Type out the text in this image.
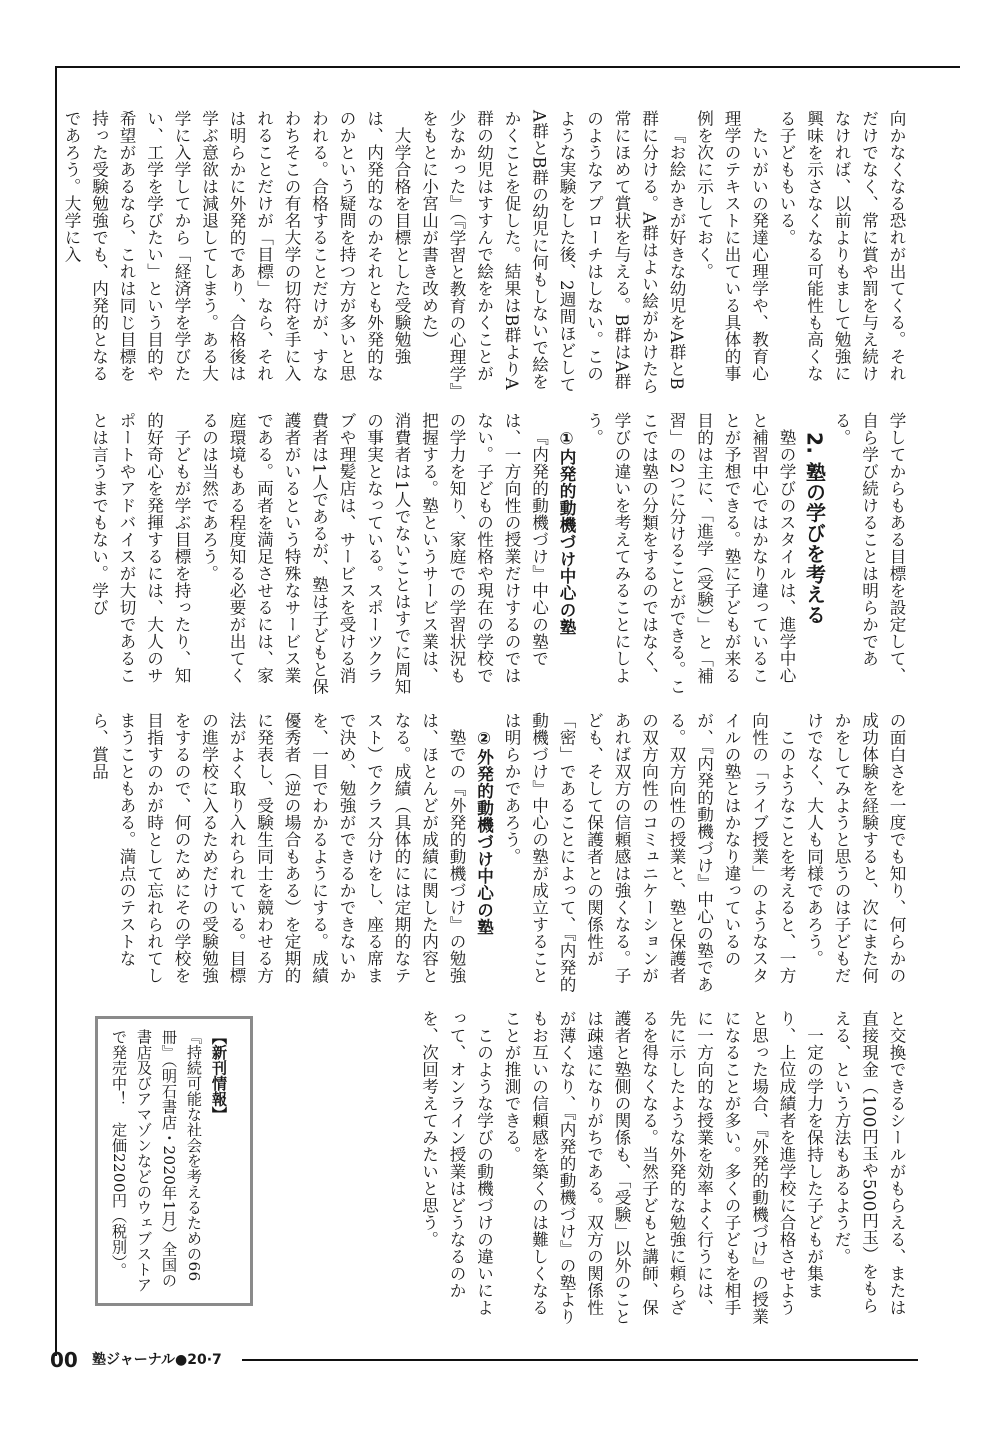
向かなくなる恐れが出てくる。それだけでなく、常に賞や罰を与え続けなければ、以前よりもまして勉強に興味を示さなくなる可能性も高くなる子どももいる。

たいがいの発達心理学や、教育心理学のテキストに出ている具体的事例を次に示しておく。

『お絵かきが好きな幼児をA群とB群に分ける。A群はよい絵がかけたら常にほめて賞状を与える。B群はA群のようなアプローチはしない。このような実験をした後、2週間ほどしてA群とB群の幼児に何もしないで絵をかくことを促した。結果はB群よりA群の幼児はすすんで絵をかくことが少なかった』（『学習と教育の心理学』をもとに小宮山が書き改めた）

大学合格を目標とした受験勉強は、内発的なのかそれとも外発的なのかという疑問を持つ方が多いと思われる。合格することだけが、すなわちそこの有名大学の切符を手に入れることだけが「目標」なら、それは明らかに外発的であり、合格後は学ぶ意欲は減退してしまう。ある大学に入学してから「経済学を学びたい、工学を学びたい」という目的や希望があるなら、これは同じ目標を持った受験勉強でも、内発的となるであろう。大学に入

学してからもある目標を設定して、自ら学び続けることは明らかである。

2. 塾の学びを考える

塾の学びのスタイルは、進学中心と補習中心ではかなり違っていることが予想できる。塾に子どもが来る目的は主に、「進学（受験）」と「補習」の2つに分けることができる。ここでは塾の分類をするのではなく、学びの違いを考えてみることにしよう。

①内発的動機づけ中心の塾

『内発的動機づけ』中心の塾では、一方向性の授業だけするのではない。子どもの性格や現在の学校での学力を知り、家庭での学習状況も把握する。塾というサービス業は、消費者は1人でないことはすでに周知の事実となっている。スポーツクラブや理髪店は、サービスを受ける消費者は1人であるが、塾は子どもと保護者がいるという特殊なサービス業である。両者を満足させるには、家庭環境もある程度知る必要が出てくるのは当然であろう。

子どもが学ぶ目標を持ったり、知的好奇心を発揮するには、大人のサポートやアドバイスが大切であることは言うまでもない。学び

の面白さを一度でも知り、何らかの成功体験を経験すると、次にまた何かをしてみようと思うのは子どもだけでなく、大人も同様であろう。

このようなことを考えると、一方向性の「ライブ授業」のようなスタイルの塾とはかなり違っているのが、『内発的動機づけ』中心の塾である。双方向性の授業と、塾と保護者の双方向性のコミュニケーションがあれば双方の信頼感は強くなる。子ども、そして保護者との関係性が「密」であることによって、『内発的動機づけ』中心の塾が成立することは明らかであろう。

②外発的動機づけ中心の塾

塾での『外発的動機づけ』の勉強は、ほとんどが成績に関した内容となる。成績（具体的には定期的なテスト）でクラス分けをし、座る席まで決め、勉強ができるかできないかを、一目でわかるようにする。成績優秀者（逆の場合もある）を定期的に発表し、受験生同士を競わせる方法がよく取り入れられている。目標の進学校に入るためだけの受験勉強をするので、何のためにその学校を目指すのかが時として忘れられてしまうこともある。満点のテストなら、賞品

と交換できるシールがもらえる、または直接現金（100円玉や500円玉）をもらえる、という方法もあるようだ。

一定の学力を保持した子どもが集まり、上位成績者を進学校に合格させようと思った場合、『外発的動機づけ』の授業になることが多い。多くの子どもを相手に一方向的な授業を効率よく行うには、先に示したような外発的な勉強に頼らざるを得なくなる。当然子どもと講師、保護者と塾側の関係も、「受験」以外のことは疎遠になりがちである。双方の関係性が薄くなり、『内発的動機づけ』の塾よりもお互いの信頼感を築くのは難しくなることが推測できる。

このような学びの動機づけの違いによって、オンライン授業はどうなるのかを、次回考えてみたいと思う。

【新刊情報】
『持続可能な社会を考えるための66冊』（明石書店・2020年1月）全国の書店及びアマゾンなどのウェブストアで発売中！　定価2200円（税別）。
00 塾ジャーナル●20·7
